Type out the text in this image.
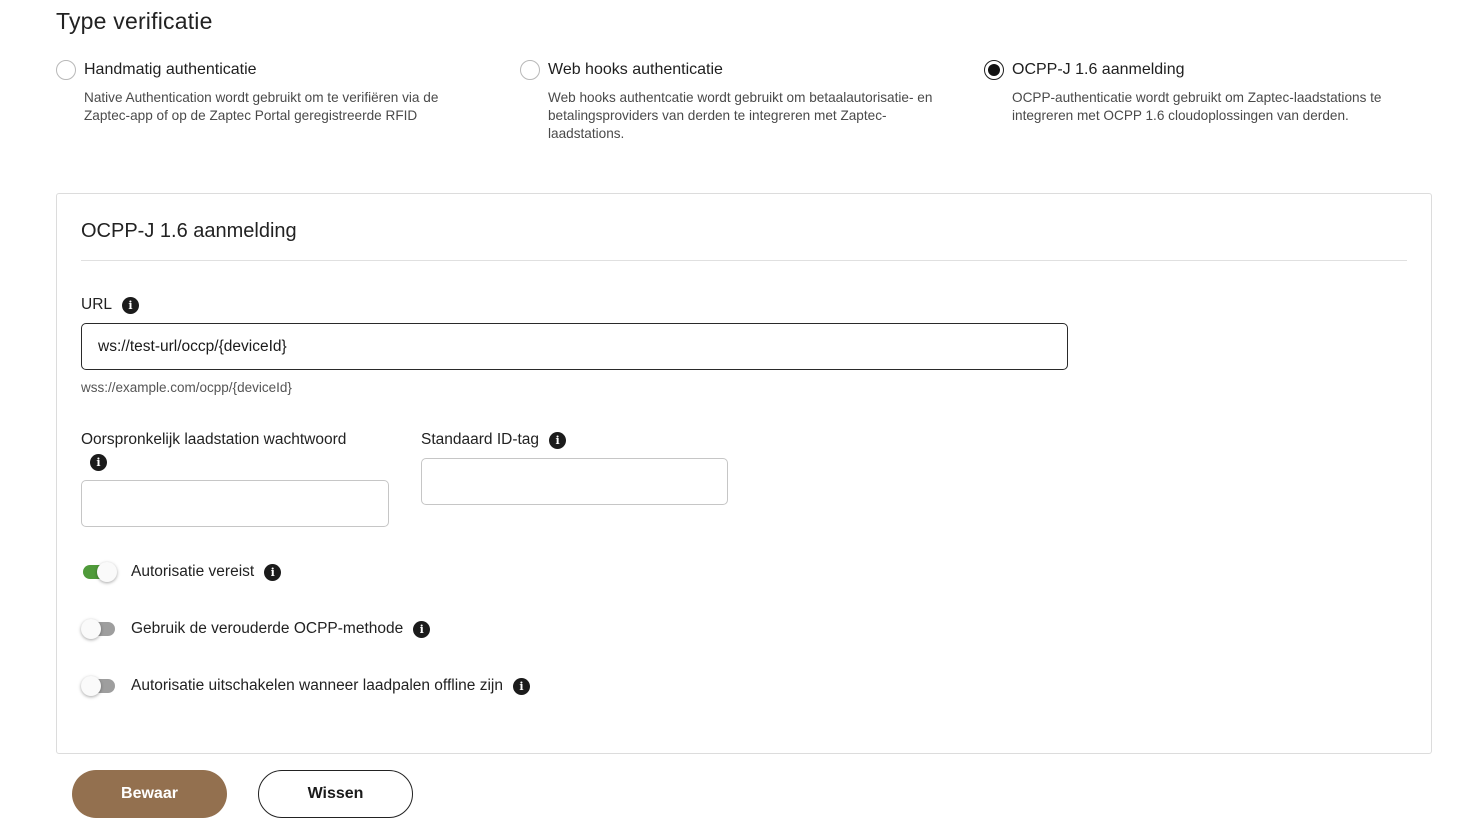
Type verificatie
Handmatig authenticatie
Native Authentication wordt gebruikt om te verifiëren via de Zaptec-app of op de Zaptec Portal geregistreerde RFID
Web hooks authenticatie
Web hooks authentcatie wordt gebruikt om betaalautorisatie- en betalingsproviders van derden te integreren met Zaptec-laadstations.
OCPP-J 1.6 aanmelding
OCPP-authenticatie wordt gebruikt om Zaptec-laadstations te integreren met OCPP 1.6 cloudoplossingen van derden.
OCPP-J 1.6 aanmelding
URL	i
ws://test-url/occp/{deviceId}
wss://example.com/ocpp/{deviceId}
Oorspronkelijk laadstation wachtwoord
i
Standaard ID-tag	i
Autorisatie vereist	i
Gebruik de verouderde OCPP-methode	i
Autorisatie uitschakelen wanneer laadpalen offline zijn	i
Bewaar	Wissen
